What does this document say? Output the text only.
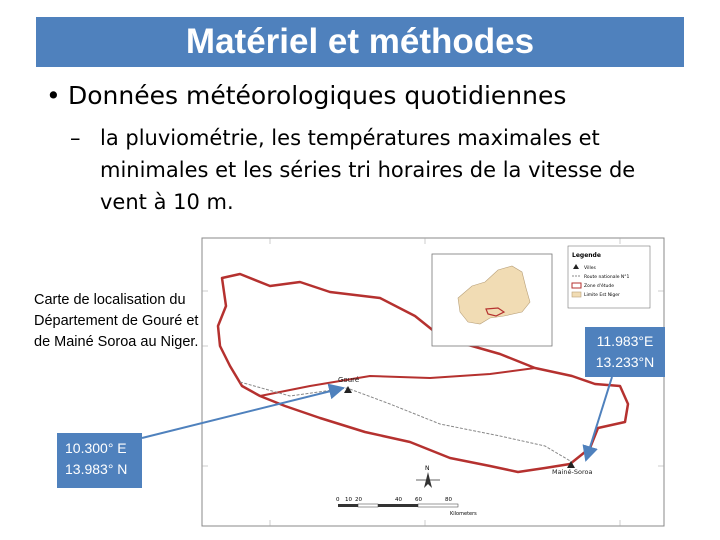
Matériel et méthodes
• Données météorologiques quotidiennes
– la pluviométrie, les températures maximales et minimales et les séries tri horaires de la vitesse de vent à 10 m.
Carte de localisation du Département de Gouré et de Mainé Soroa au Niger.
Gouré
Mainé-Soroa
Legende
Villes
Route nationale N°1
Zone d'étude
Limite Est Niger
N
0 10 20	40 60	80
Kilometers
10.300° E
13.983° N
11.983°E
13.233°N
